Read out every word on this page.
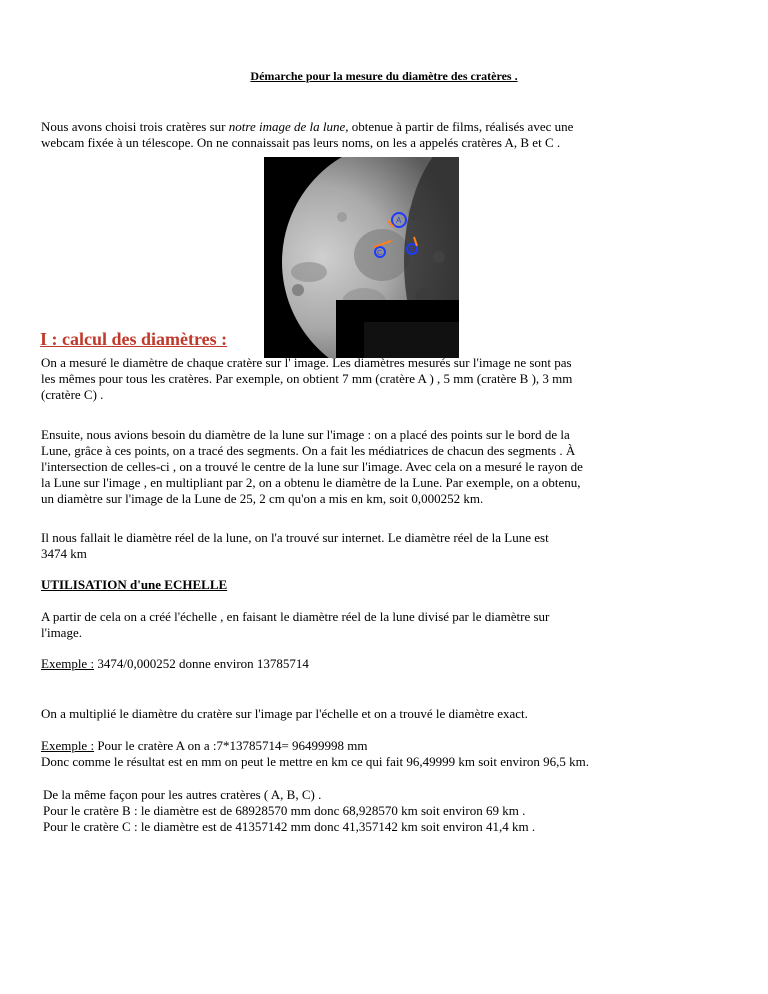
Démarche pour la mesure du diamètre des cratères .
Nous avons choisi trois cratères sur notre image de la lune, obtenue à partir de films, réalisés avec une
webcam fixée à un télescope. On ne connaissait pas leurs noms, on les a appelés cratères A, B et C .
A
B
C
I : calcul des diamètres :
On a mesuré le diamètre de chaque cratère sur l' image. Les diamètres mesurés sur l'image ne sont pas
les mêmes pour tous les cratères. Par exemple, on obtient 7 mm (cratère A ) , 5 mm (cratère B ), 3 mm
(cratère C) .
Ensuite, nous avions besoin du diamètre de la lune sur l'image : on a placé des points sur le bord de la
Lune, grâce à ces points, on a tracé des segments. On a fait les médiatrices de chacun des segments . À
l'intersection de celles-ci , on a trouvé le centre de la lune sur l'image. Avec cela on a mesuré le rayon de
la Lune sur l'image , en multipliant par 2, on a obtenu le diamètre de la Lune. Par exemple, on a obtenu,
un diamètre sur l'image de la Lune de 25, 2 cm qu'on a mis en km, soit 0,000252 km.
Il nous fallait le diamètre réel de la lune, on l'a trouvé sur internet. Le diamètre réel de la Lune est
3474 km
UTILISATION d'une ECHELLE
A partir de cela on a créé l'échelle , en faisant le diamètre réel de la lune divisé par le diamètre sur
l'image.
Exemple : 3474/0,000252 donne environ 13785714
On a multiplié le diamètre du cratère sur l'image par l'échelle et on a trouvé le diamètre exact.
Exemple : Pour le cratère A on a :7*13785714= 96499998 mm
Donc comme le résultat est en mm on peut le mettre en km ce qui fait 96,49999 km soit environ 96,5 km.
De la même façon pour les autres cratères ( A, B, C) .
Pour le cratère B : le diamètre est de 68928570 mm donc 68,928570 km soit environ 69 km .
Pour le cratère C : le diamètre est de 41357142 mm donc 41,357142 km soit environ 41,4 km .
